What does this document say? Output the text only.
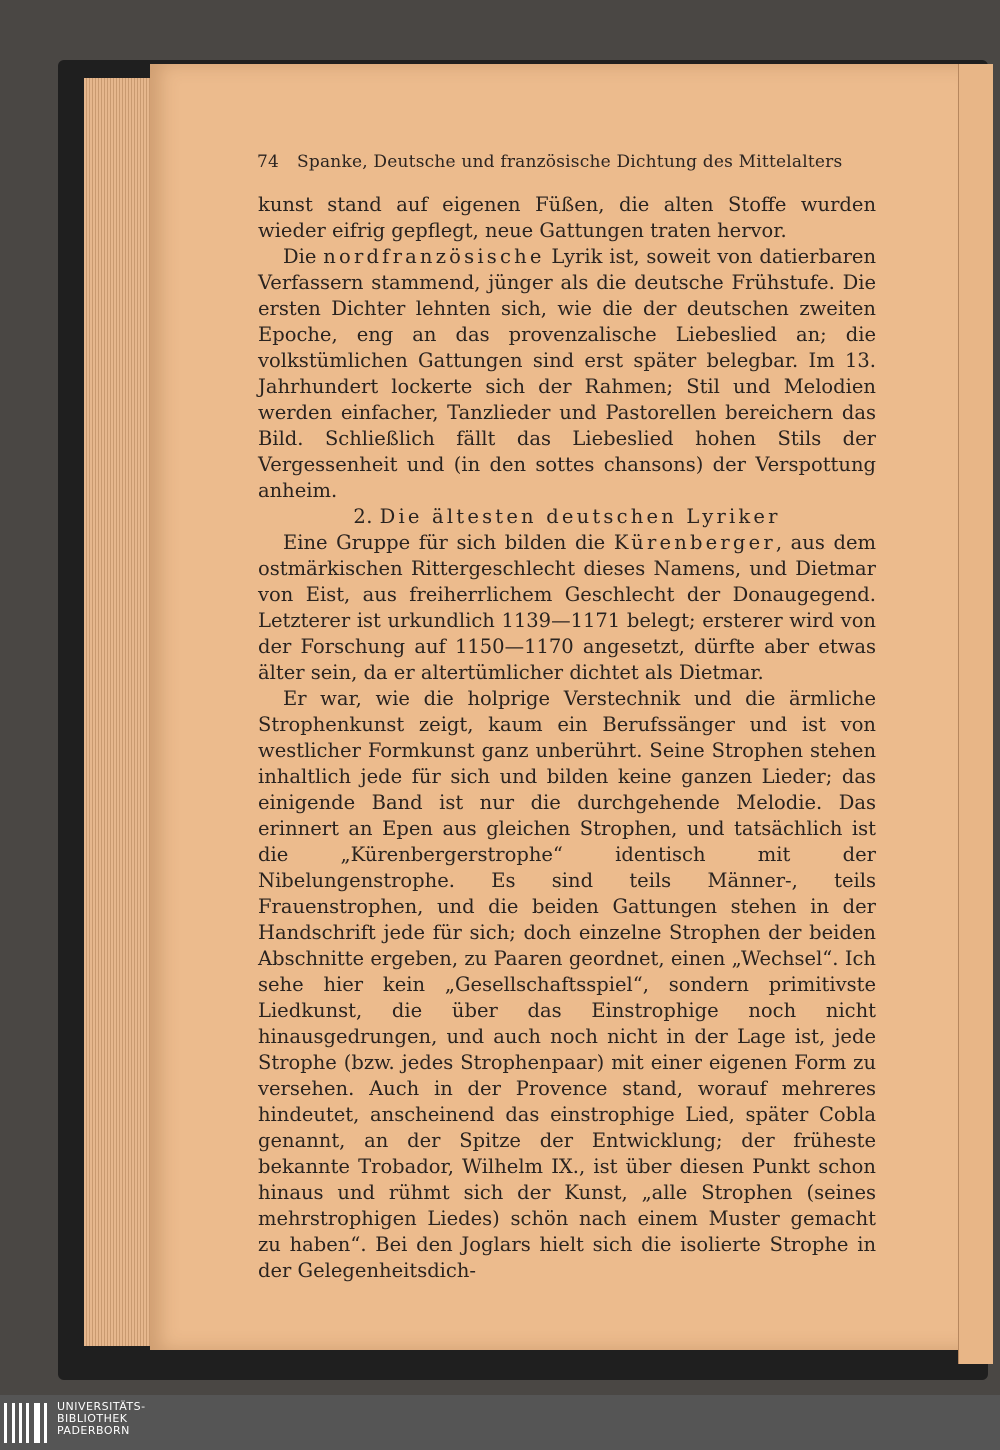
74 Spanke, Deutsche und französische Dichtung des Mittelalters

kunst stand auf eigenen Füßen, die alten Stoffe wurden wieder eifrig gepflegt, neue Gattungen traten hervor.

Die nordfranzösische Lyrik ist, soweit von datierbaren Verfassern stammend, jünger als die deutsche Frühstufe. Die ersten Dichter lehnten sich, wie die der deutschen zweiten Epoche, eng an das provenzalische Liebeslied an; die volkstümlichen Gattungen sind erst später belegbar. Im 13. Jahrhundert lockerte sich der Rahmen; Stil und Melodien werden einfacher, Tanzlieder und Pastorellen bereichern das Bild. Schließlich fällt das Liebeslied hohen Stils der Vergessenheit und (in den sottes chansons) der Verspottung anheim.

2. Die ältesten deutschen Lyriker

Eine Gruppe für sich bilden die Kürenberger, aus dem ostmärkischen Rittergeschlecht dieses Namens, und Dietmar von Eist, aus freiherrlichem Geschlecht der Donaugegend. Letzterer ist urkundlich 1139—1171 belegt; ersterer wird von der Forschung auf 1150—1170 angesetzt, dürfte aber etwas älter sein, da er altertümlicher dichtet als Dietmar.

Er war, wie die holprige Verstechnik und die ärmliche Strophenkunst zeigt, kaum ein Berufssänger und ist von westlicher Formkunst ganz unberührt. Seine Strophen stehen inhaltlich jede für sich und bilden keine ganzen Lieder; das einigende Band ist nur die durchgehende Melodie. Das erinnert an Epen aus gleichen Strophen, und tatsächlich ist die „Kürenbergerstrophe“ identisch mit der Nibelungenstrophe. Es sind teils Männer-, teils Frauenstrophen, und die beiden Gattungen stehen in der Handschrift jede für sich; doch einzelne Strophen der beiden Abschnitte ergeben, zu Paaren geordnet, einen „Wechsel“. Ich sehe hier kein „Gesellschaftsspiel“, sondern primitivste Liedkunst, die über das Einstrophige noch nicht hinausgedrungen, und auch noch nicht in der Lage ist, jede Strophe (bzw. jedes Strophenpaar) mit einer eigenen Form zu versehen. Auch in der Provence stand, worauf mehreres hindeutet, anscheinend das einstrophige Lied, später Cobla genannt, an der Spitze der Entwicklung; der früheste bekannte Trobador, Wilhelm IX., ist über diesen Punkt schon hinaus und rühmt sich der Kunst, „alle Strophen (seines mehrstrophigen Liedes) schön nach einem Muster gemacht zu haben“. Bei den Joglars hielt sich die isolierte Strophe in der Gelegenheitsdich-

UNIVERSITÄTS-
BIBLIOTHEK
PADERBORN
